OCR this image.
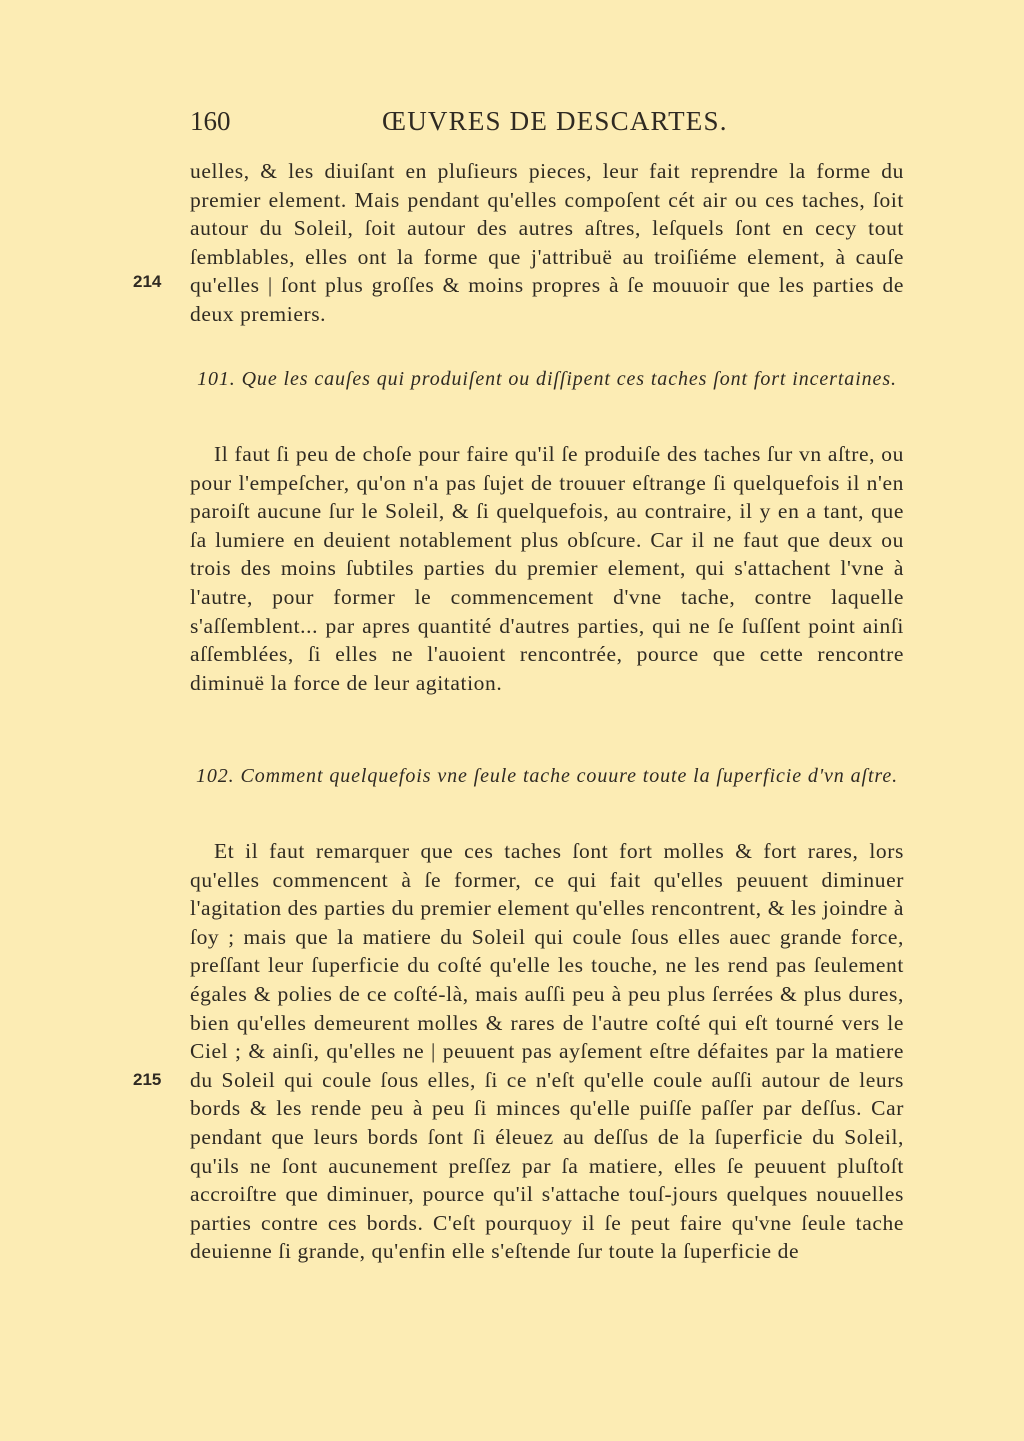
160	ŒUVRES DE DESCARTES.
214
215

uelles, & les diuiſant en pluſieurs pieces, leur fait reprendre la forme du premier element. Mais pendant qu'elles compoſent cét air ou ces taches, ſoit autour du Soleil, ſoit autour des autres aſtres, leſquels ſont en cecy tout ſemblables, elles ont la forme que j'attribuë au troiſiéme element, à cauſe qu'elles | ſont plus groſſes & moins propres à ſe mouuoir que les parties de deux premiers.

101. Que les cauſes qui produiſent ou diſſipent ces taches ſont fort incertaines.

Il faut ſi peu de choſe pour faire qu'il ſe produiſe des taches ſur vn aſtre, ou pour l'empeſcher, qu'on n'a pas ſujet de trouuer eſtrange ſi quelquefois il n'en paroiſt aucune ſur le Soleil, & ſi quelquefois, au contraire, il y en a tant, que ſa lumiere en deuient notablement plus obſcure. Car il ne faut que deux ou trois des moins ſubtiles parties du premier element, qui s'attachent l'vne à l'autre, pour former le commencement d'vne tache, contre laquelle s'aſſemblent... par apres quantité d'autres parties, qui ne ſe ſuſſent point ainſi aſſemblées, ſi elles ne l'auoient rencontrée, pource que cette rencontre diminuë la force de leur agitation.

102. Comment quelquefois vne ſeule tache couure toute la ſuperficie d'vn aſtre.

Et il faut remarquer que ces taches ſont fort molles & fort rares, lors qu'elles commencent à ſe former, ce qui fait qu'elles peuuent diminuer l'agitation des parties du premier element qu'elles rencontrent, & les joindre à ſoy ; mais que la matiere du Soleil qui coule ſous elles auec grande force, preſſant leur ſuperficie du coſté qu'elle les touche, ne les rend pas ſeulement égales & polies de ce coſté-là, mais auſſi peu à peu plus ſerrées & plus dures, bien qu'elles demeurent molles & rares de l'autre coſté qui eſt tourné vers le Ciel ; & ainſi, qu'elles ne | peuuent pas ayſement eſtre défaites par la matiere du Soleil qui coule ſous elles, ſi ce n'eſt qu'elle coule auſſi autour de leurs bords & les rende peu à peu ſi minces qu'elle puiſſe paſſer par deſſus. Car pendant que leurs bords ſont ſi éleuez au deſſus de la ſuperficie du Soleil, qu'ils ne ſont aucunement preſſez par ſa matiere, elles ſe peuuent pluſtoſt accroiſtre que diminuer, pource qu'il s'attache touſ-jours quelques nouuelles parties contre ces bords. C'eſt pourquoy il ſe peut faire qu'vne ſeule tache deuienne ſi grande, qu'enfin elle s'eſtende ſur toute la ſuperficie de
